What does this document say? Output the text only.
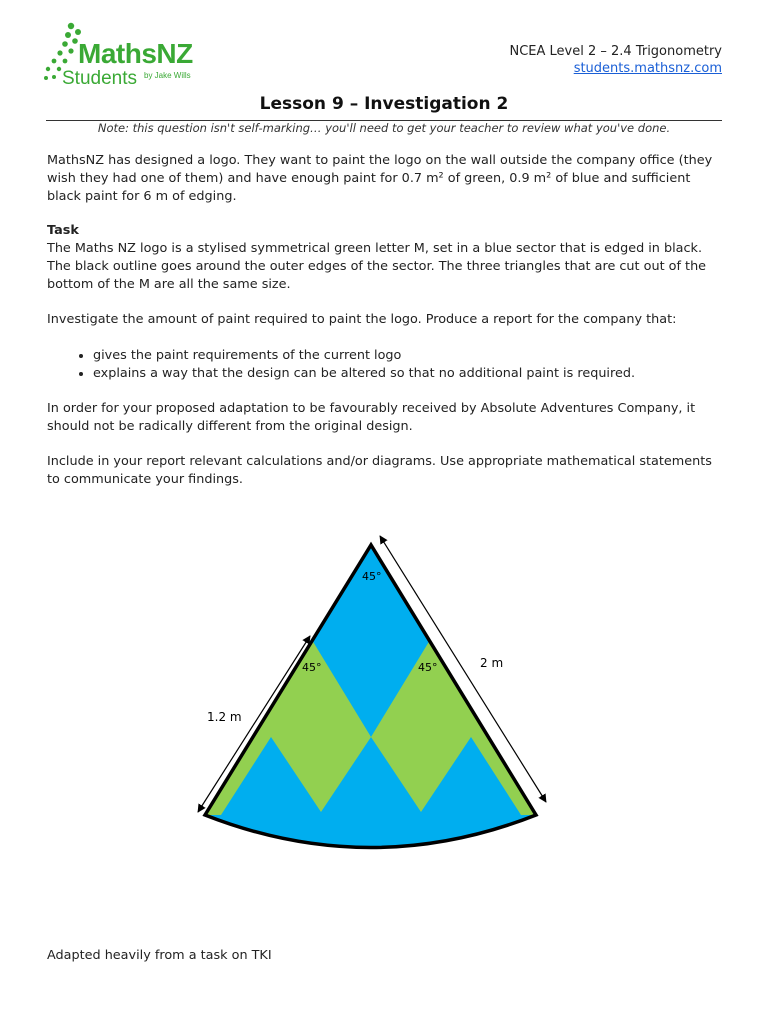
MathsNZ
Students by Jake Wills
NCEA Level 2 – 2.4 Trigonometry
students.mathsnz.com
Lesson 9 – Investigation 2
Note: this question isn't self-marking… you'll need to get your teacher to review what you've done.

MathsNZ has designed a logo. They want to paint the logo on the wall outside the company office (they wish they had one of them) and have enough paint for 0.7 m² of green, 0.9 m² of blue and sufficient black paint for 6 m of edging.

Task
The Maths NZ logo is a stylised symmetrical green letter M, set in a blue sector that is edged in black. The black outline goes around the outer edges of the sector. The three triangles that are cut out of the bottom of the M are all the same size.

Investigate the amount of paint required to paint the logo. Produce a report for the company that:

• gives the paint requirements of the current logo
• explains a way that the design can be altered so that no additional paint is required.

In order for your proposed adaptation to be favourably received by Absolute Adventures Company, it should not be radically different from the original design.

Include in your report relevant calculations and/or diagrams. Use appropriate mathematical statements to communicate your findings.

45°
45°	45°
1.2 m
2 m
Adapted heavily from a task on TKI
